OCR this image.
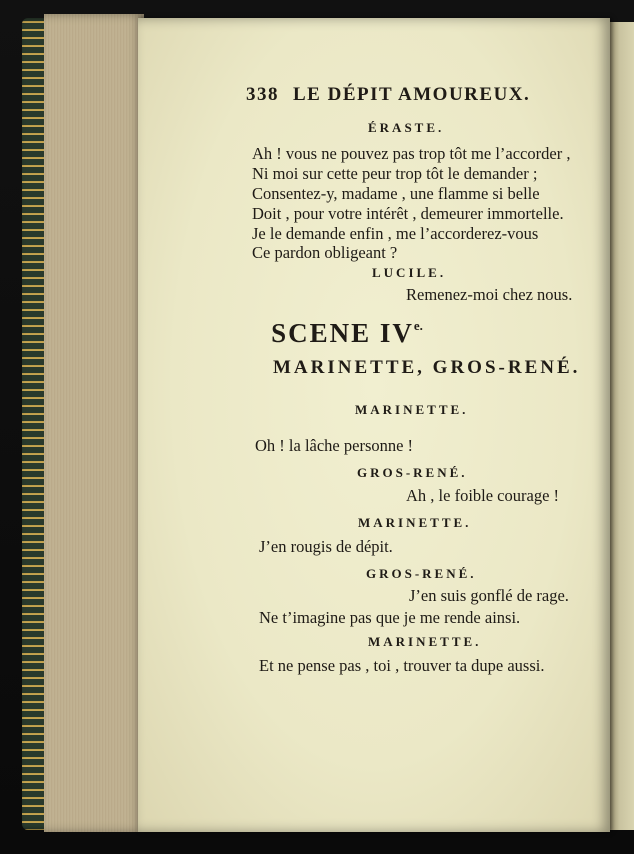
338 LE DÉPIT AMOUREUX.
ÉRASTE.
Ah ! vous ne pouvez pas trop tôt me l’accorder ,
Ni moi sur cette peur trop tôt le demander ;
Consentez-y, madame , une flamme si belle
Doit , pour votre intérêt , demeurer immortelle.
Je le demande enfin , me l’accorderez-vous
Ce pardon obligeant ?
LUCILE.
Remenez-moi chez nous.
SCENE $IV^{e.}$
MARINETTE, GROS-RENÉ.
MARINETTE.
Oh ! la lâche personne !
GROS-RENÉ.
Ah , le foible courage !
MARINETTE.
J’en rougis de dépit.
GROS-RENÉ.
J’en suis gonflé de rage.
Ne t’imagine pas que je me rende ainsi.
MARINETTE.
Et ne pense pas , toi , trouver ta dupe aussi.
